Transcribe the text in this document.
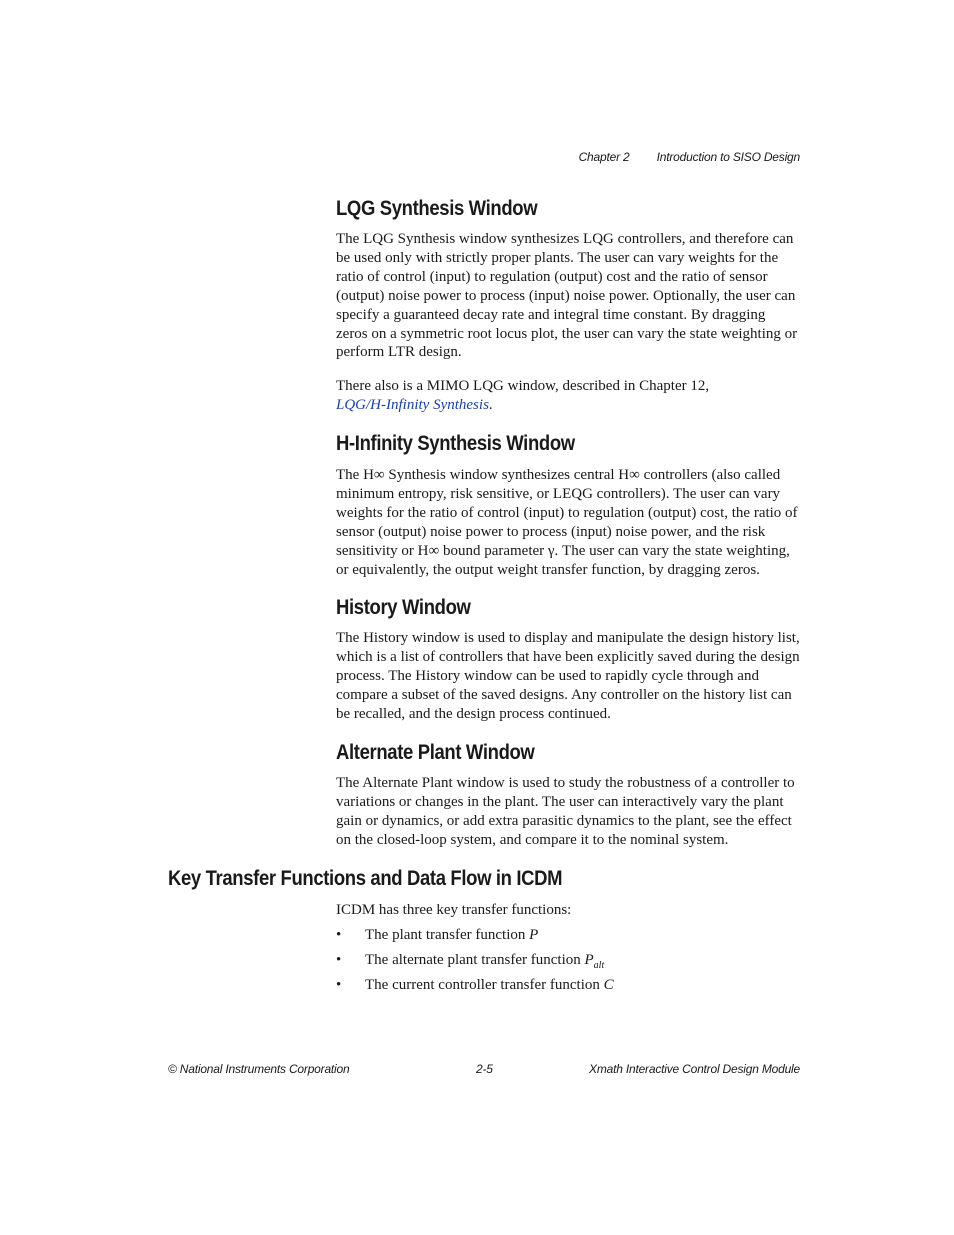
Chapter 2 Introduction to SISO Design
LQG Synthesis Window

The LQG Synthesis window synthesizes LQG controllers, and therefore can be used only with strictly proper plants. The user can vary weights for the ratio of control (input) to regulation (output) cost and the ratio of sensor (output) noise power to process (input) noise power. Optionally, the user can specify a guaranteed decay rate and integral time constant. By dragging zeros on a symmetric root locus plot, the user can vary the state weighting or perform LTR design.

There also is a MIMO LQG window, described in Chapter 12,
LQG/H-Infinity Synthesis.

H-Infinity Synthesis Window

The H∞ Synthesis window synthesizes central H∞ controllers (also called minimum entropy, risk sensitive, or LEQG controllers). The user can vary weights for the ratio of control (input) to regulation (output) cost, the ratio of sensor (output) noise power to process (input) noise power, and the risk sensitivity or H∞ bound parameter γ. The user can vary the state weighting, or equivalently, the output weight transfer function, by dragging zeros.

History Window

The History window is used to display and manipulate the design history list, which is a list of controllers that have been explicitly saved during the design process. The History window can be used to rapidly cycle through and compare a subset of the saved designs. Any controller on the history list can be recalled, and the design process continued.

Alternate Plant Window

The Alternate Plant window is used to study the robustness of a controller to variations or changes in the plant. The user can interactively vary the plant gain or dynamics, or add extra parasitic dynamics to the plant, see the effect on the closed-loop system, and compare it to the nominal system.

Key Transfer Functions and Data Flow in ICDM

ICDM has three key transfer functions:

• The plant transfer function P
• The alternate plant transfer function $P_{alt}$
• The current controller transfer function C
© National Instruments Corporation	2-5	Xmath Interactive Control Design Module
